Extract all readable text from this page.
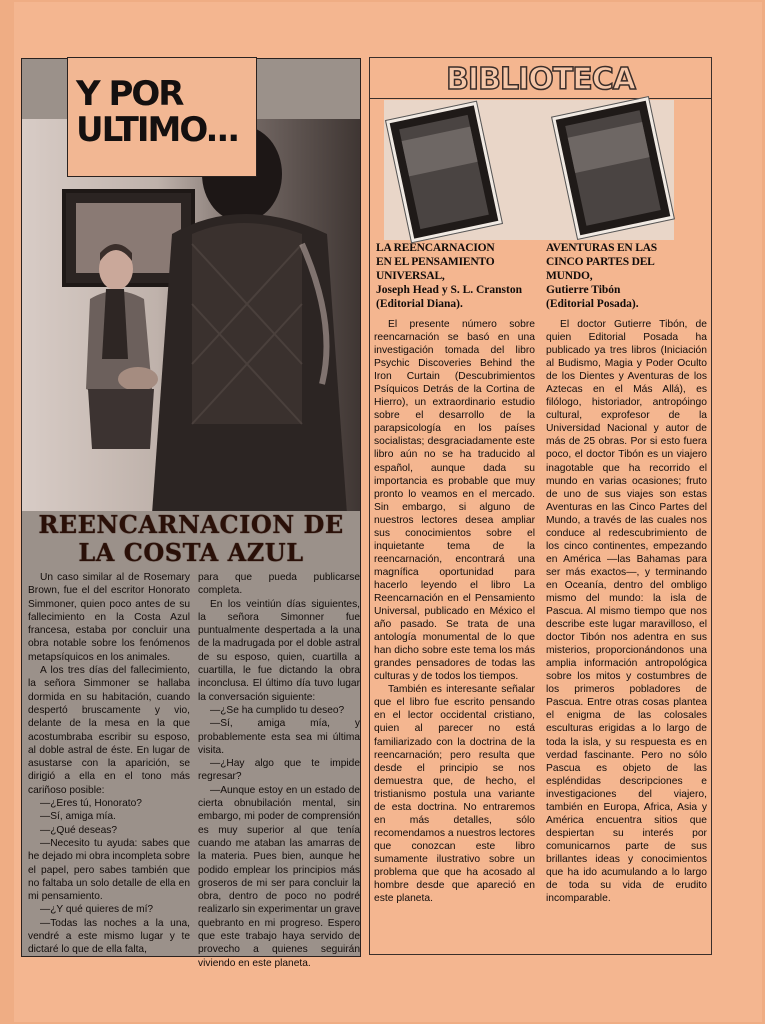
Y POR
ULTIMO...
REENCARNACION DE
LA COSTA AZUL

Un caso similar al de Rosemary Brown, fue el del escritor Honorato Simmoner, quien poco antes de su fallecimiento en la Costa Azul francesa, estaba por concluir una obra notable sobre los fenómenos metapsíquicos en los animales.

A los tres días del fallecimiento, la señora Simmoner se hallaba dormida en su habitación, cuando despertó bruscamente y vio, delante de la mesa en la que acostumbraba escribir su esposo, al doble astral de éste. En lugar de asustarse con la aparición, se dirigió a ella en el tono más cariñoso posible:

—¿Eres tú, Honorato?

—Sí, amiga mía.

—¿Qué deseas?

—Necesito tu ayuda: sabes que he dejado mi obra incompleta sobre el papel, pero sabes también que no faltaba un solo detalle de ella en mi pensamiento.

—¿Y qué quieres de mí?

—Todas las noches a la una, vendré a este mismo lugar y te dictaré lo que de ella falta,

para que pueda publicarse completa.

En los veintiún días siguientes, la señora Simonner fue puntualmente despertada a la una de la madrugada por el doble astral de su esposo, quien, cuartilla a cuartilla, le fue dictando la obra inconclusa. El último día tuvo lugar la conversación siguiente:

—¿Se ha cumplido tu deseo?

—Sí, amiga mía, y probablemente esta sea mi última visita.

—¿Hay algo que te impide regresar?

—Aunque estoy en un estado de cierta obnubilación mental, sin embargo, mi poder de comprensión es muy superior al que tenía cuando me ataban las amarras de la materia. Pues bien, aunque he podido emplear los principios más groseros de mi ser para concluir la obra, dentro de poco no podré realizarlo sin experimentar un grave quebranto en mi progreso. Espero que este trabajo haya servido de provecho a quienes seguirán viviendo en este planeta.

BIBLIOTECA
LA REENCARNACION
EN EL PENSAMIENTO
UNIVERSAL,
Joseph Head y S. L. Cranston
(Editorial Diana).
AVENTURAS EN LAS
CINCO PARTES DEL
MUNDO,
Gutierre Tibón
(Editorial Posada).

El presente número sobre reencarnación se basó en una investigación tomada del libro Psychic Discoveries Behind the Iron Curtain (Descubrimientos Psíquicos Detrás de la Cortina de Hierro), un extraordinario estudio sobre el desarrollo de la parapsicología en los países socialistas; desgraciadamente este libro aún no se ha traducido al español, aunque dada su importancia es probable que muy pronto lo veamos en el mercado. Sin embargo, si alguno de nuestros lectores desea ampliar sus conocimientos sobre el inquietante tema de la reencarnación, encontrará una magnífica oportunidad para hacerlo leyendo el libro La Reencarnación en el Pensamiento Universal, publicado en México el año pasado. Se trata de una antología monumental de lo que han dicho sobre este tema los más grandes pensadores de todas las culturas y de todos los tiempos.

También es interesante señalar que el libro fue escrito pensando en el lector occidental cristiano, quien al parecer no está familiarizado con la doctrina de la reencarnación; pero resulta que desde el principio se nos demuestra que, de hecho, el tristianismo postula una variante de esta doctrina. No entraremos en más detalles, sólo recomendamos a nuestros lectores que conozcan este libro sumamente ilustrativo sobre un problema que que ha acosado al hombre desde que apareció en este planeta.

El doctor Gutierre Tibón, de quien Editorial Posada ha publicado ya tres libros (Iniciación al Budismo, Magia y Poder Oculto de los Dientes y Aventuras de los Aztecas en el Más Allá), es filólogo, historiador, antropóingo cultural, exprofesor de la Universidad Nacional y autor de más de 25 obras. Por si esto fuera poco, el doctor Tibón es un viajero inagotable que ha recorrido el mundo en varias ocasiones; fruto de uno de sus viajes son estas Aventuras en las Cinco Partes del Mundo, a través de las cuales nos conduce al redescubrimiento de los cinco continentes, empezando en América —las Bahamas para ser más exactos—, y terminando en Oceanía, dentro del ombligo mismo del mundo: la isla de Pascua. Al mismo tiempo que nos describe este lugar maravilloso, el doctor Tibón nos adentra en sus misterios, proporcionándonos una amplia información antropológica sobre los mitos y costumbres de los primeros pobladores de Pascua. Entre otras cosas plantea el enigma de las colosales esculturas erigidas a lo largo de toda la isla, y su respuesta es en verdad fascinante. Pero no sólo Pascua es objeto de las espléndidas descripciones e investigaciones del viajero, también en Europa, Africa, Asia y América encuentra sitios que despiertan su interés por comunicarnos parte de sus brillantes ideas y conocimientos que ha ido acumulando a lo largo de toda su vida de erudito incomparable.
